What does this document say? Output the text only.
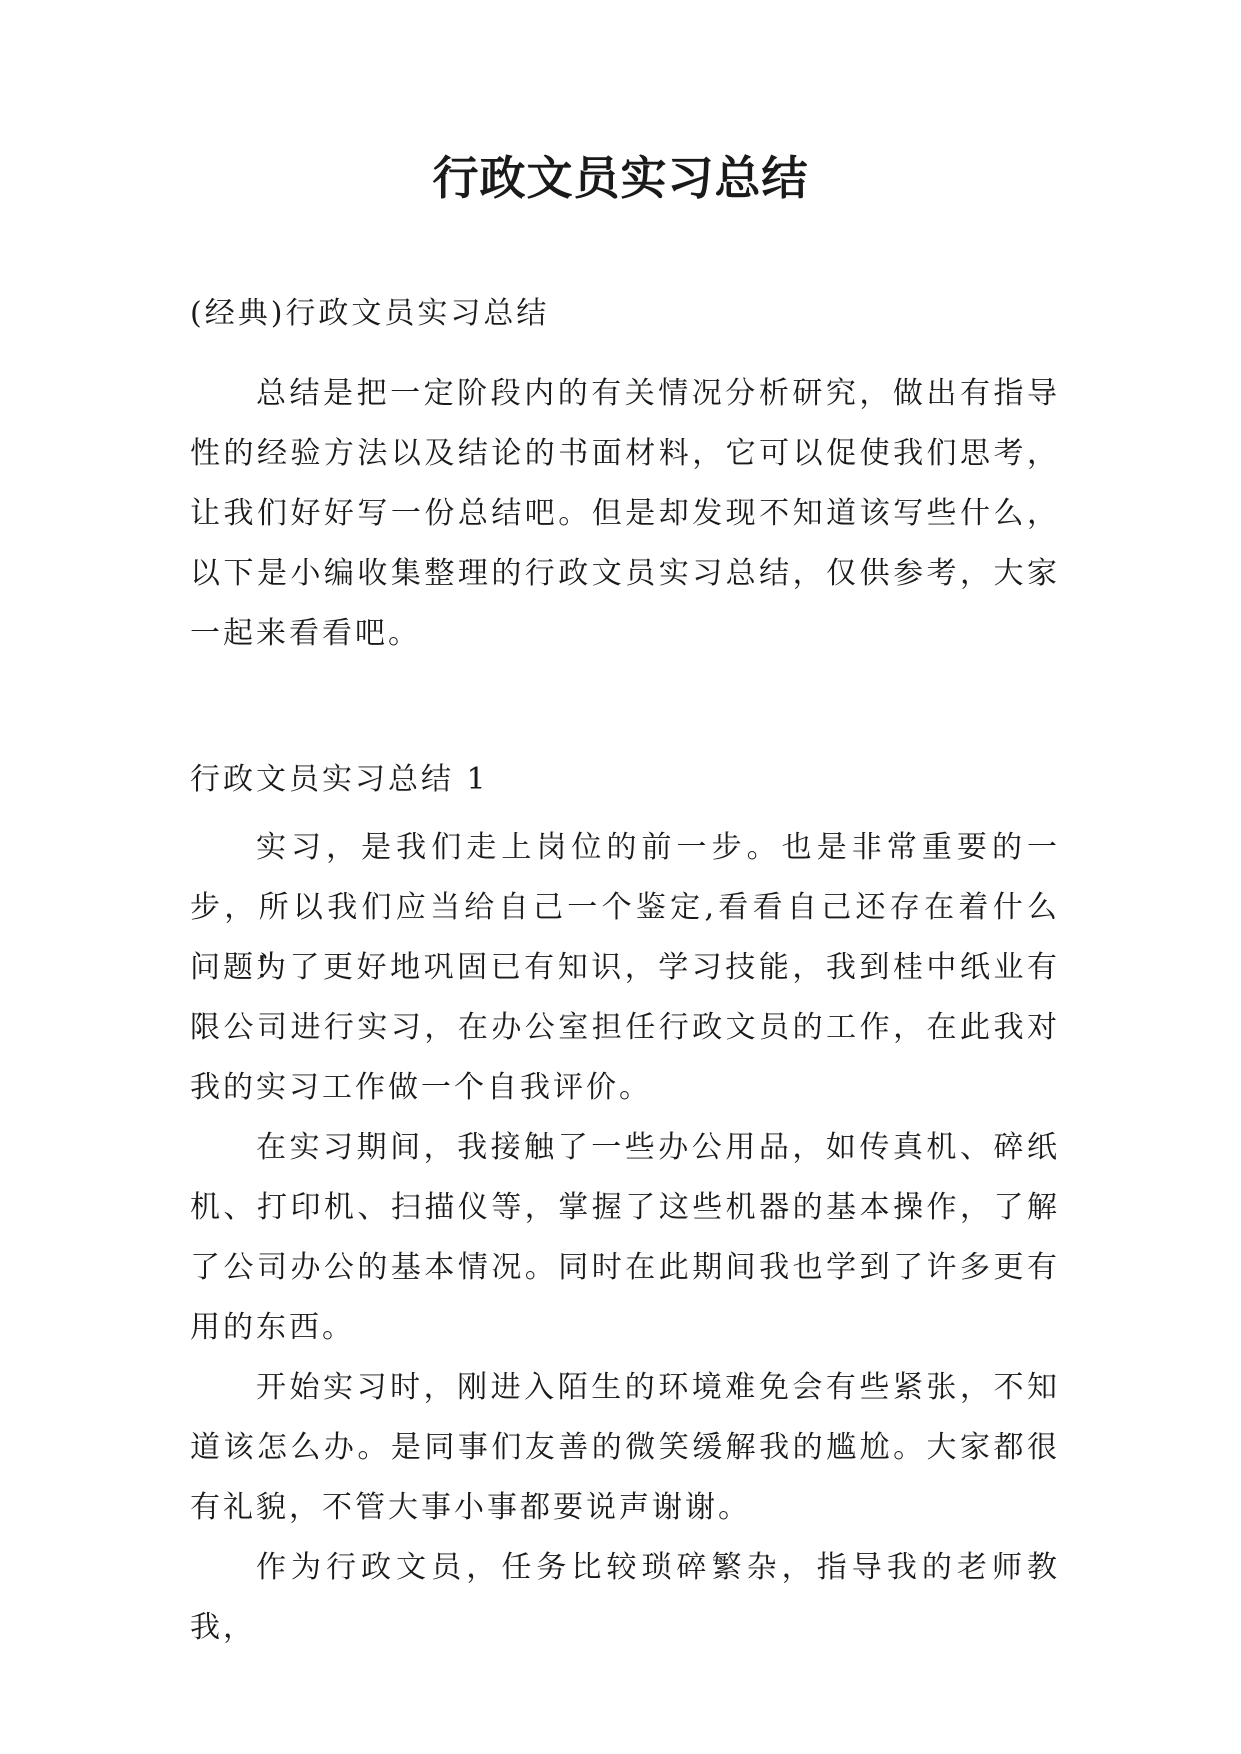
行政文员实习总结
(经典)行政文员实习总结

总结是把一定阶段内的有关情况分析研究，做出有指导性的经验方法以及结论的书面材料，它可以促使我们思考，让我们好好写一份总结吧。但是却发现不知道该写些什么，以下是小编收集整理的行政文员实习总结，仅供参考，大家一起来看看吧。

行政文员实习总结 1

实习，是我们走上岗位的前一步。也是非常重要的一步，所以我们应当给自己一个鉴定,看看自己还存在着什么问题!

为了更好地巩固已有知识，学习技能，我到桂中纸业有限公司进行实习，在办公室担任行政文员的工作，在此我对我的实习工作做一个自我评价。

在实习期间，我接触了一些办公用品，如传真机、碎纸机、打印机、扫描仪等，掌握了这些机器的基本操作，了解了公司办公的基本情况。同时在此期间我也学到了许多更有用的东西。

开始实习时，刚进入陌生的环境难免会有些紧张，不知道该怎么办。是同事们友善的微笑缓解我的尴尬。大家都很有礼貌，不管大事小事都要说声谢谢。

作为行政文员，任务比较琐碎繁杂，指导我的老师教我，
